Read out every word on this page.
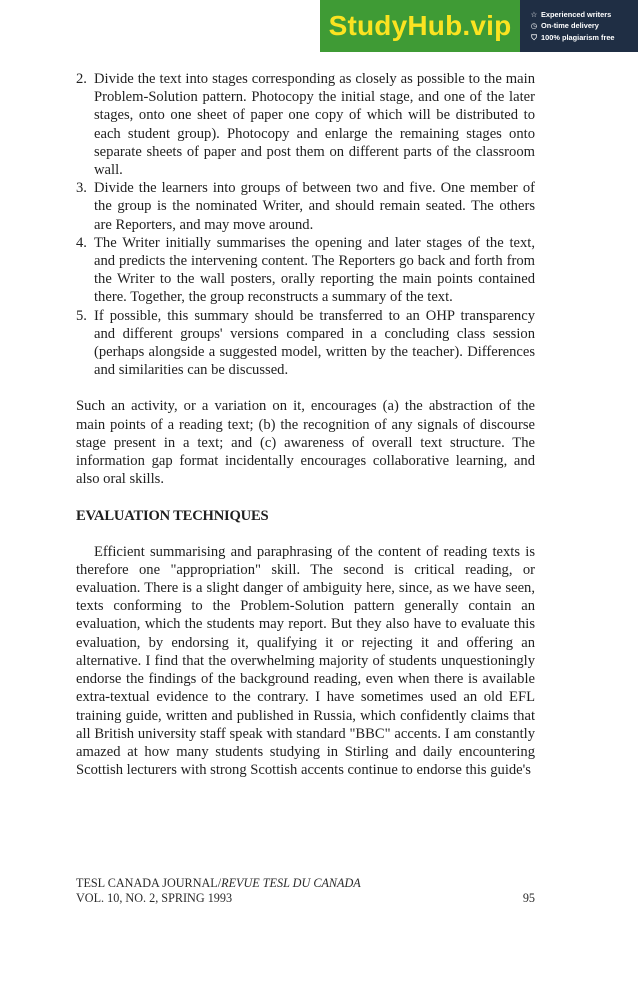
StudyHub.vip	☆ Experienced writers
◷ On-time delivery
⛉ 100% plagiarism free
2. Divide the text into stages corresponding as closely as possible to the main Problem-Solution pattern. Photocopy the initial stage, and one of the later stages, onto one sheet of paper one copy of which will be distributed to each student group). Photocopy and enlarge the remaining stages onto separate sheets of paper and post them on different parts of the classroom wall.
3. Divide the learners into groups of between two and five. One member of the group is the nominated Writer, and should remain seated. The others are Reporters, and may move around.
4. The Writer initially summarises the opening and later stages of the text, and predicts the intervening content. The Reporters go back and forth from the Writer to the wall posters, orally reporting the main points contained there. Together, the group reconstructs a summary of the text.
5. If possible, this summary should be transferred to an OHP transparency and different groups' versions compared in a concluding class session (perhaps alongside a suggested model, written by the teacher). Differences and similarities can be discussed.

Such an activity, or a variation on it, encourages (a) the abstraction of the main points of a reading text; (b) the recognition of any signals of discourse stage present in a text; and (c) awareness of overall text structure. The information gap format incidentally encourages collaborative learning, and also oral skills.

EVALUATION TECHNIQUES

Efficient summarising and paraphrasing of the content of reading texts is therefore one "appropriation" skill. The second is critical reading, or evaluation. There is a slight danger of ambiguity here, since, as we have seen, texts conforming to the Problem-Solution pattern generally contain an evaluation, which the students may report. But they also have to evaluate this evaluation, by endorsing it, qualifying it or rejecting it and offering an alternative. I find that the overwhelming majority of students unquestioningly endorse the findings of the background reading, even when there is available extra-textual evidence to the contrary. I have sometimes used an old EFL training guide, written and published in Russia, which confidently claims that all British university staff speak with standard "BBC" accents. I am constantly amazed at how many students studying in Stirling and daily encountering Scottish lecturers with strong Scottish accents continue to endorse this guide's

TESL CANADA JOURNAL/REVUE TESL DU CANADA
VOL. 10, NO. 2, SPRING 1993	95
